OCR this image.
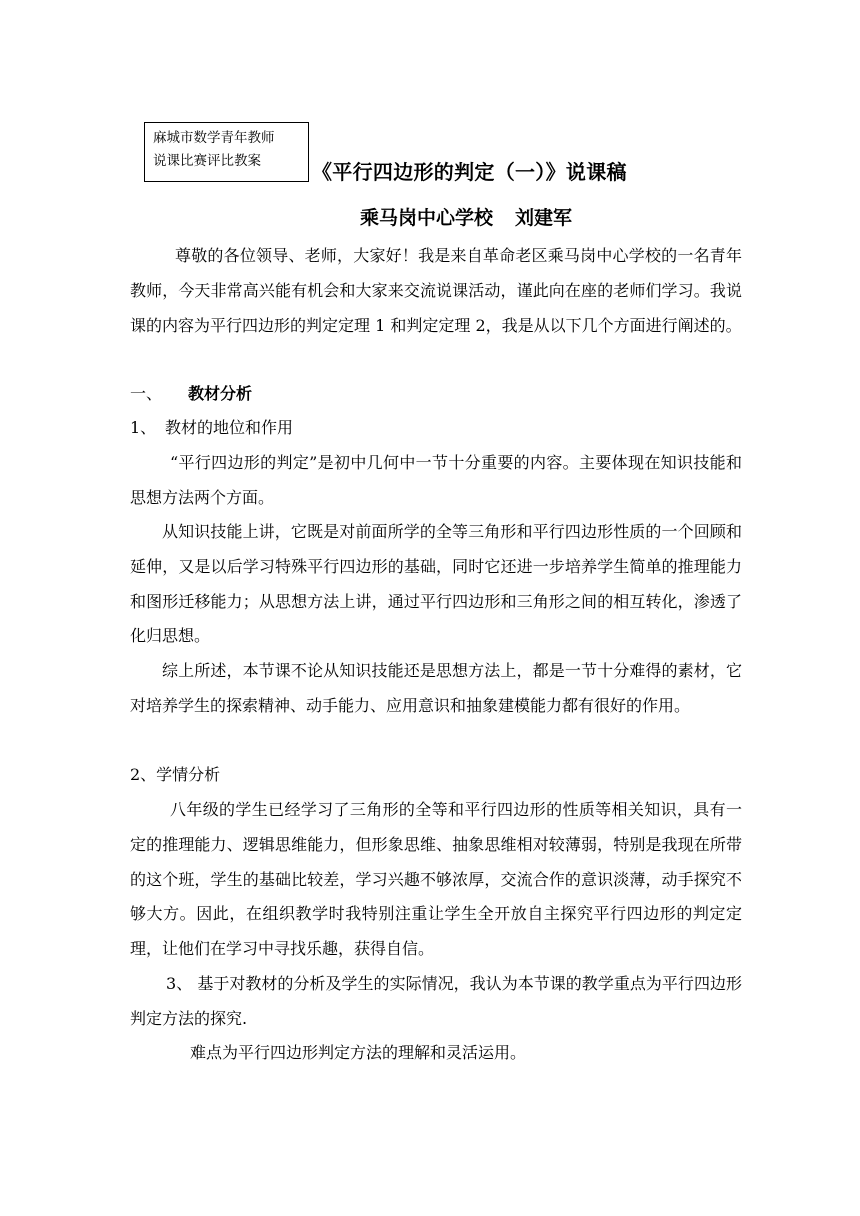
麻城市数学青年教师
说课比赛评比教案	《平行四边形的判定（一）》说课稿
乘马岗中心学校 刘建军
尊敬的各位领导、老师，大家好！我是来自革命老区乘马岗中心学校的一名青年教师，今天非常高兴能有机会和大家来交流说课活动，谨此向在座的老师们学习。我说课的内容为平行四边形的判定定理 1 和判定定理 2，我是从以下几个方面进行阐述的。
一、 教材分析
1、 教材的地位和作用
“平行四边形的判定”是初中几何中一节十分重要的内容。主要体现在知识技能和思想方法两个方面。
从知识技能上讲，它既是对前面所学的全等三角形和平行四边形性质的一个回顾和延伸，又是以后学习特殊平行四边形的基础，同时它还进一步培养学生简单的推理能力和图形迁移能力；从思想方法上讲，通过平行四边形和三角形之间的相互转化，渗透了化归思想。
综上所述，本节课不论从知识技能还是思想方法上，都是一节十分难得的素材，它对培养学生的探索精神、动手能力、应用意识和抽象建模能力都有很好的作用。
2、学情分析
八年级的学生已经学习了三角形的全等和平行四边形的性质等相关知识，具有一定的推理能力、逻辑思维能力，但形象思维、抽象思维相对较薄弱，特别是我现在所带的这个班，学生的基础比较差，学习兴趣不够浓厚，交流合作的意识淡薄，动手探究不够大方。因此，在组织教学时我特别注重让学生全开放自主探究平行四边形的判定定理，让他们在学习中寻找乐趣，获得自信。
3、 基于对教材的分析及学生的实际情况，我认为本节课的教学重点为平行四边形判定方法的探究.
难点为平行四边形判定方法的理解和灵活运用。
